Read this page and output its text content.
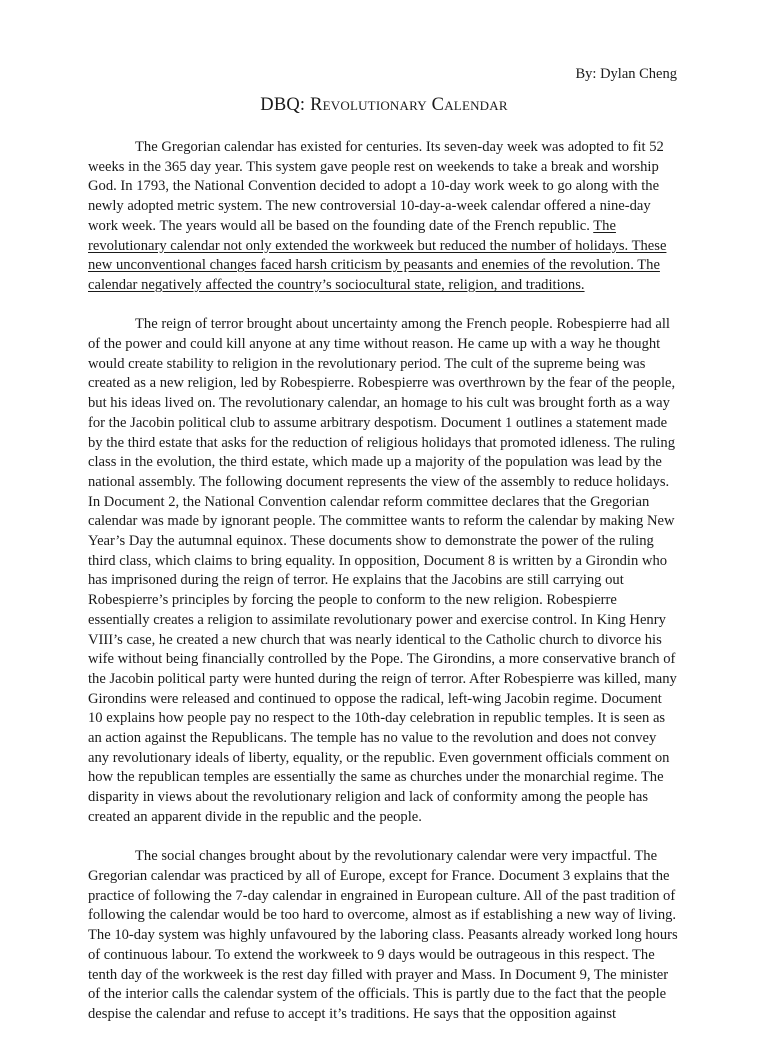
By: Dylan Cheng
DBQ: Revolutionary Calendar

The Gregorian calendar has existed for centuries. Its seven-day week was adopted to fit 52 weeks in the 365 day year. This system gave people rest on weekends to take a break and worship God. In 1793, the National Convention decided to adopt a 10-day work week to go along with the newly adopted metric system. The new controversial 10-day-a-week calendar offered a nine-day work week. The years would all be based on the founding date of the French republic. The revolutionary calendar not only extended the workweek but reduced the number of holidays. These new unconventional changes faced harsh criticism by peasants and enemies of the revolution. The calendar negatively affected the country’s sociocultural state, religion, and traditions.

The reign of terror brought about uncertainty among the French people. Robespierre had all of the power and could kill anyone at any time without reason. He came up with a way he thought would create stability to religion in the revolutionary period. The cult of the supreme being was created as a new religion, led by Robespierre. Robespierre was overthrown by the fear of the people, but his ideas lived on. The revolutionary calendar, an homage to his cult was brought forth as a way for the Jacobin political club to assume arbitrary despotism. Document 1 outlines a statement made by the third estate that asks for the reduction of religious holidays that promoted idleness. The ruling class in the evolution, the third estate, which made up a majority of the population was lead by the national assembly. The following document represents the view of the assembly to reduce holidays. In Document 2, the National Convention calendar reform committee declares that the Gregorian calendar was made by ignorant people. The committee wants to reform the calendar by making New Year’s Day the autumnal equinox. These documents show to demonstrate the power of the ruling third class, which claims to bring equality. In opposition, Document 8 is written by a Girondin who has imprisoned during the reign of terror. He explains that the Jacobins are still carrying out Robespierre’s principles by forcing the people to conform to the new religion. Robespierre essentially creates a religion to assimilate revolutionary power and exercise control. In King Henry VIII’s case, he created a new church that was nearly identical to the Catholic church to divorce his wife without being financially controlled by the Pope. The Girondins, a more conservative branch of the Jacobin political party were hunted during the reign of terror. After Robespierre was killed, many Girondins were released and continued to oppose the radical, left-wing Jacobin regime. Document 10 explains how people pay no respect to the 10th-day celebration in republic temples. It is seen as an action against the Republicans. The temple has no value to the revolution and does not convey any revolutionary ideals of liberty, equality, or the republic. Even government officials comment on how the republican temples are essentially the same as churches under the monarchial regime. The disparity in views about the revolutionary religion and lack of conformity among the people has created an apparent divide in the republic and the people.

The social changes brought about by the revolutionary calendar were very impactful. The Gregorian calendar was practiced by all of Europe, except for France. Document 3 explains that the practice of following the 7-day calendar in engrained in European culture. All of the past tradition of following the calendar would be too hard to overcome, almost as if establishing a new way of living. The 10-day system was highly unfavoured by the laboring class. Peasants already worked long hours of continuous labour. To extend the workweek to 9 days would be outrageous in this respect. The tenth day of the workweek is the rest day filled with prayer and Mass. In Document 9, The minister of the interior calls the calendar system of the officials. This is partly due to the fact that the people despise the calendar and refuse to accept it’s traditions. He says that the opposition against
